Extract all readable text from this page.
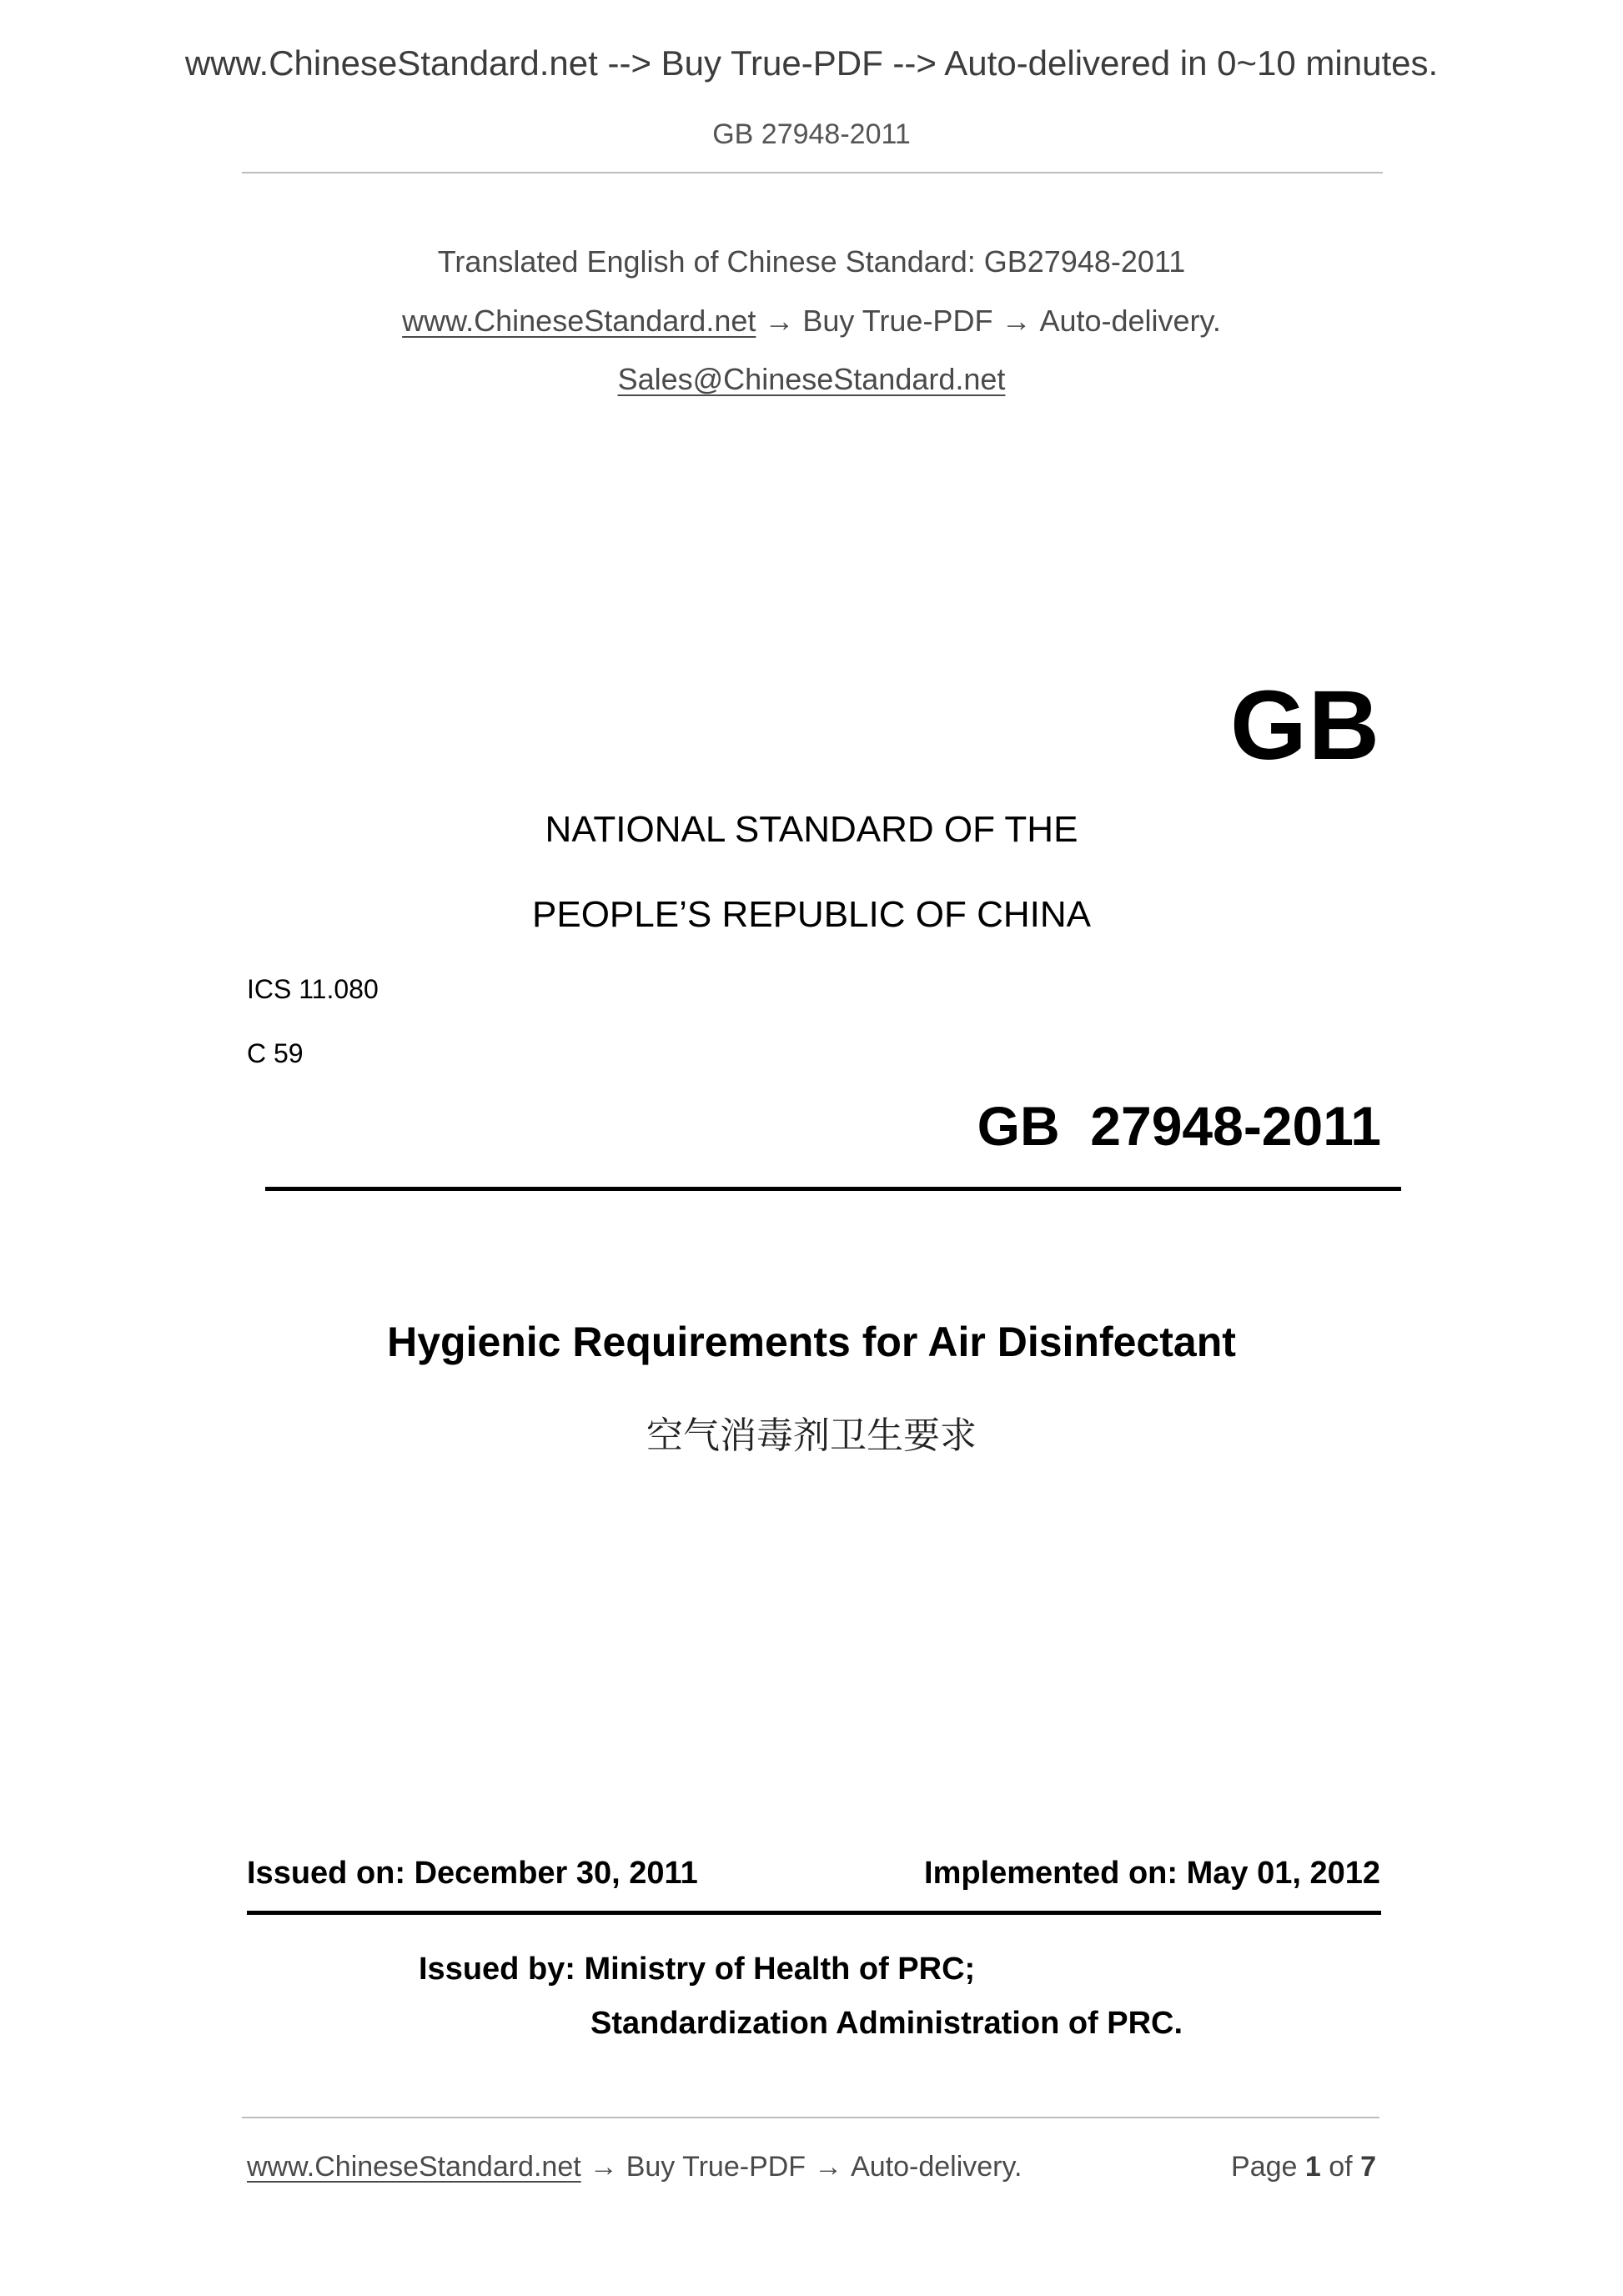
www.ChineseStandard.net --> Buy True-PDF --> Auto-delivered in 0~10 minutes.
GB 27948-2011
Translated English of Chinese Standard: GB27948-2011
www.ChineseStandard.net → Buy True-PDF → Auto-delivery.
Sales@ChineseStandard.net
GB
NATIONAL STANDARD OF THE
PEOPLE’S REPUBLIC OF CHINA
ICS 11.080
C 59
GB  27948-2011
Hygienic Requirements for Air Disinfectant
空气消毒剂卫生要求
Issued on: December 30, 2011	Implemented on: May 01, 2012
Issued by: Ministry of Health of PRC;
Standardization Administration of PRC.
www.ChineseStandard.net → Buy True-PDF → Auto-delivery.	Page 1 of 7
